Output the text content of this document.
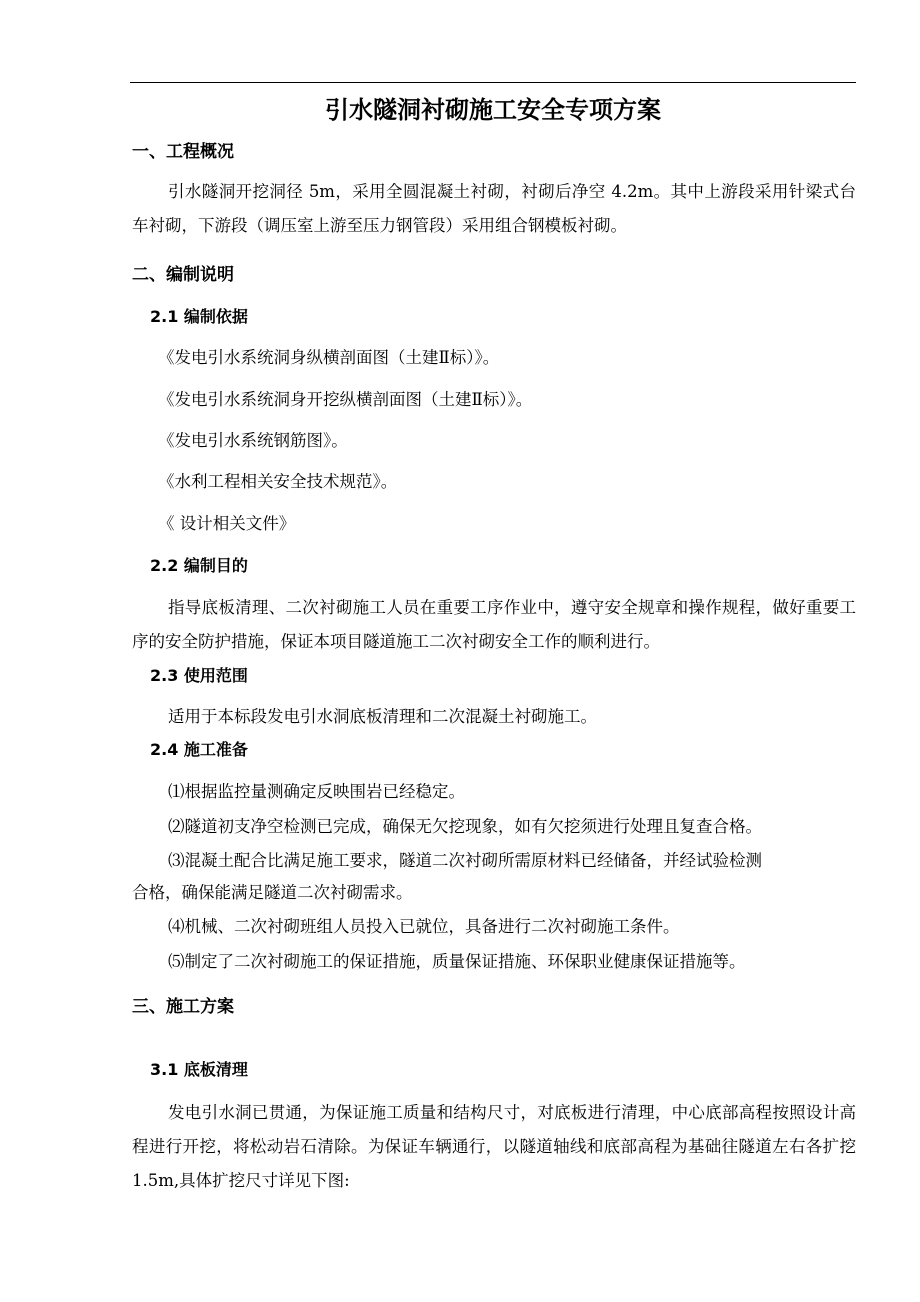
引水隧洞衬砌施工安全专项方案
一、工程概况

引水隧洞开挖洞径 5m，采用全圆混凝土衬砌，衬砌后净空 4.2m。其中上游段采用针梁式台车衬砌，下游段（调压室上游至压力钢管段）采用组合钢模板衬砌。

二、编制说明
2.1 编制依据

《发电引水系统洞身纵横剖面图（土建Ⅱ标）》。

《发电引水系统洞身开挖纵横剖面图（土建Ⅱ标）》。

《发电引水系统钢筋图》。

《水利工程相关安全技术规范》。

《 设计相关文件》

2.2 编制目的

指导底板清理、二次衬砌施工人员在重要工序作业中，遵守安全规章和操作规程，做好重要工序的安全防护措施，保证本项目隧道施工二次衬砌安全工作的顺利进行。

2.3 使用范围

适用于本标段发电引水洞底板清理和二次混凝土衬砌施工。

2.4 施工准备

⑴根据监控量测确定反映围岩已经稳定。

⑵隧道初支净空检测已完成，确保无欠挖现象，如有欠挖须进行处理且复查合格。

⑶混凝土配合比满足施工要求，隧道二次衬砌所需原材料已经储备，并经试验检测

合格，确保能满足隧道二次衬砌需求。

⑷机械、二次衬砌班组人员投入已就位，具备进行二次衬砌施工条件。

⑸制定了二次衬砌施工的保证措施，质量保证措施、环保职业健康保证措施等。

三、施工方案
3.1 底板清理

发电引水洞已贯通，为保证施工质量和结构尺寸，对底板进行清理，中心底部高程按照设计高程进行开挖，将松动岩石清除。为保证车辆通行，以隧道轴线和底部高程为基础往隧道左右各扩挖 1.5m,具体扩挖尺寸详见下图:
